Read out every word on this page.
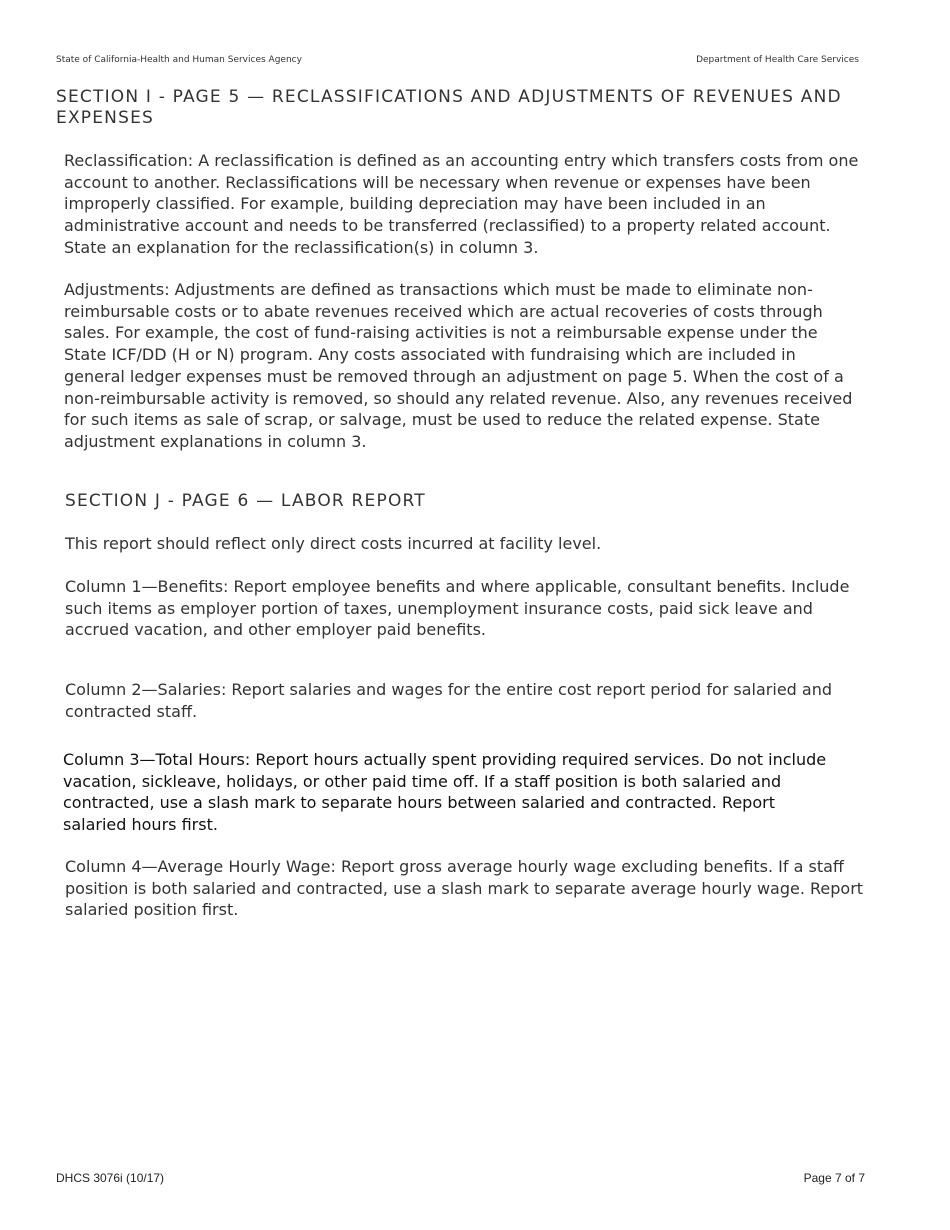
State of California-Health and Human Services Agency	Department of Health Care Services
SECTION I - PAGE 5 — RECLASSIFICATIONS AND ADJUSTMENTS OF REVENUES AND EXPENSES

Reclassification: A reclassification is defined as an accounting entry which transfers costs from one account to another. Reclassifications will be necessary when revenue or expenses have been improperly classified. For example, building depreciation may have been included in an administrative account and needs to be transferred (reclassified) to a property related account. State an explanation for the reclassification(s) in column 3.

Adjustments: Adjustments are defined as transactions which must be made to eliminate non-reimbursable costs or to abate revenues received which are actual recoveries of costs through sales. For example, the cost of fund-raising activities is not a reimbursable expense under the State ICF/DD (H or N) program. Any costs associated with fundraising which are included in general ledger expenses must be removed through an adjustment on page 5. When the cost of a non-reimbursable activity is removed, so should any related revenue. Also, any revenues received for such items as sale of scrap, or salvage, must be used to reduce the related expense. State adjustment explanations in column 3.

SECTION J - PAGE 6 — LABOR REPORT

This report should reflect only direct costs incurred at facility level.

Column 1—Benefits: Report employee benefits and where applicable, consultant benefits. Include such items as employer portion of taxes, unemployment insurance costs, paid sick leave and accrued vacation, and other employer paid benefits.

Column 2—Salaries: Report salaries and wages for the entire cost report period for salaried and contracted staff.

Column 3—Total Hours: Report hours actually spent providing required services. Do not include vacation, sickleave, holidays, or other paid time off. If a staff position is both salaried and contracted, use a slash mark to separate hours between salaried and contracted. Report salaried hours first.

Column 4—Average Hourly Wage: Report gross average hourly wage excluding benefits. If a staff position is both salaried and contracted, use a slash mark to separate average hourly wage. Report salaried position first.

DHCS 3076i (10/17)	Page 7 of 7
